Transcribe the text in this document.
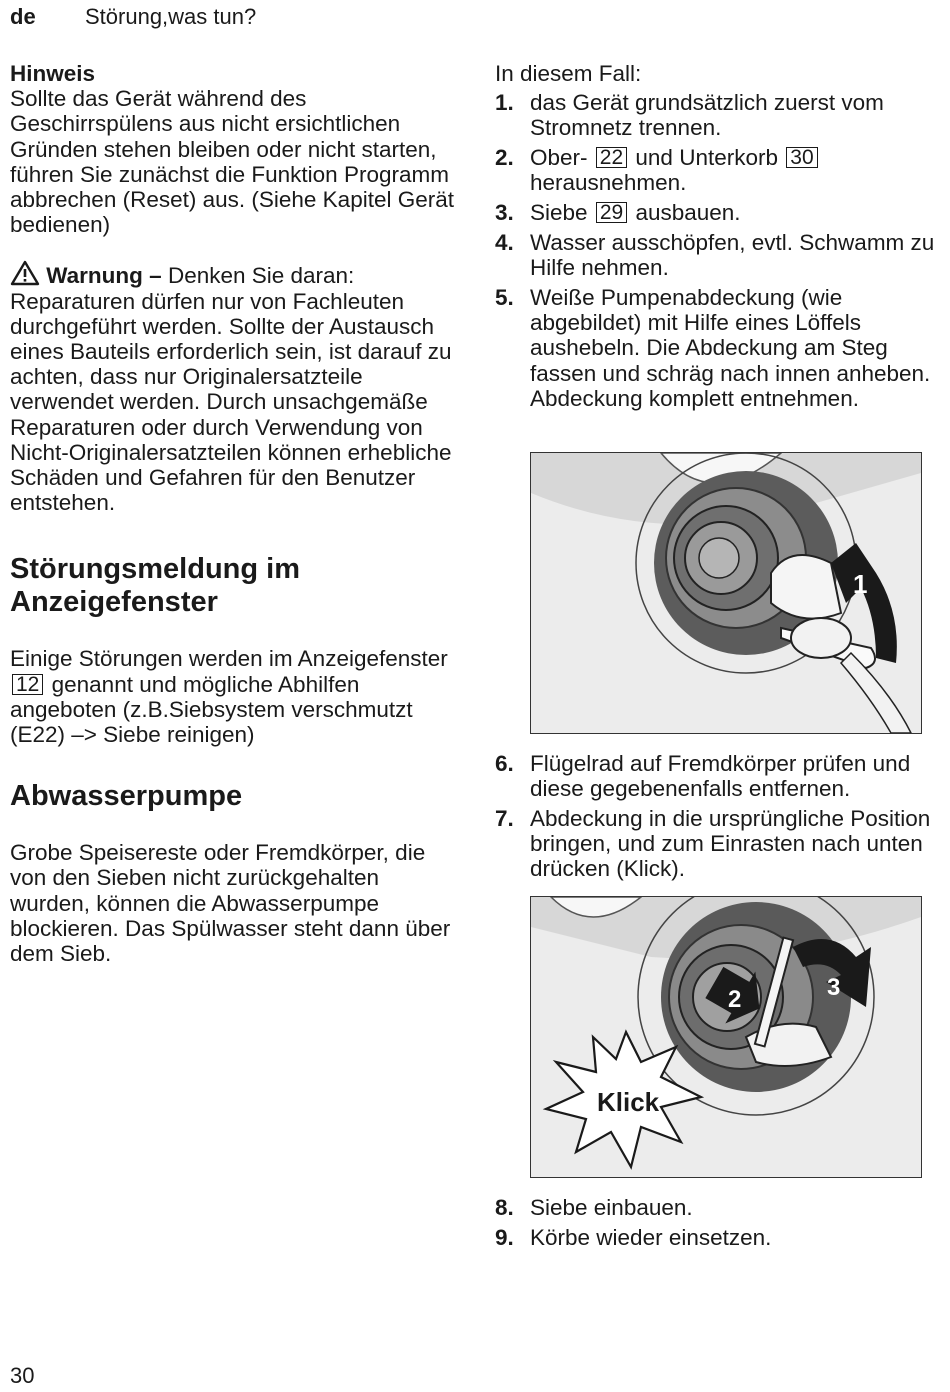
de Störung,was tun?

Hinweis

Sollte das Gerät während des Geschirrspülens aus nicht ersichtlichen Gründen stehen bleiben oder nicht starten, führen Sie zunächst die Funktion Programm abbrechen (Reset) aus. (Siehe Kapitel Gerät bedienen)

Warnung – Denken Sie daran: Reparaturen dürfen nur von Fachleuten durchgeführt werden. Sollte der Austausch eines Bauteils erforderlich sein, ist darauf zu achten, dass nur Originalersatzteile verwendet werden. Durch unsachgemäße Reparaturen oder durch Verwendung von Nicht-Originalersatzteilen können erhebliche Schäden und Gefahren für den Benutzer entstehen.

Störungsmeldung im Anzeigefenster

Einige Störungen werden im Anzeigefenster 12 genannt und mögliche Abhilfen angeboten (z.B.Siebsystem verschmutzt (E22) –> Siebe reinigen)

Abwasserpumpe

Grobe Speisereste oder Fremdkörper, die von den Sieben nicht zurückgehalten wurden, können die Abwasserpumpe blockieren. Das Spülwasser steht dann über dem Sieb.

In diesem Fall:

1. das Gerät grundsätzlich zuerst vom Stromnetz trennen.
2. Ober- 22 und Unterkorb 30 herausnehmen.
3. Siebe 29 ausbauen.
4. Wasser ausschöpfen, evtl. Schwamm zu Hilfe nehmen.
5. Weiße Pumpenabdeckung (wie abgebildet) mit Hilfe eines Löffels aushebeln. Die Abdeckung am Steg fassen und schräg nach innen anheben. Abdeckung komplett entnehmen.
1
6. Flügelrad auf Fremdkörper prüfen und diese gegebenenfalls entfernen.
7. Abdeckung in die ursprüngliche Position bringen, und zum Einrasten nach unten drücken (Klick).
2	3
Klick
8. Siebe einbauen.
9. Körbe wieder einsetzen.
30
